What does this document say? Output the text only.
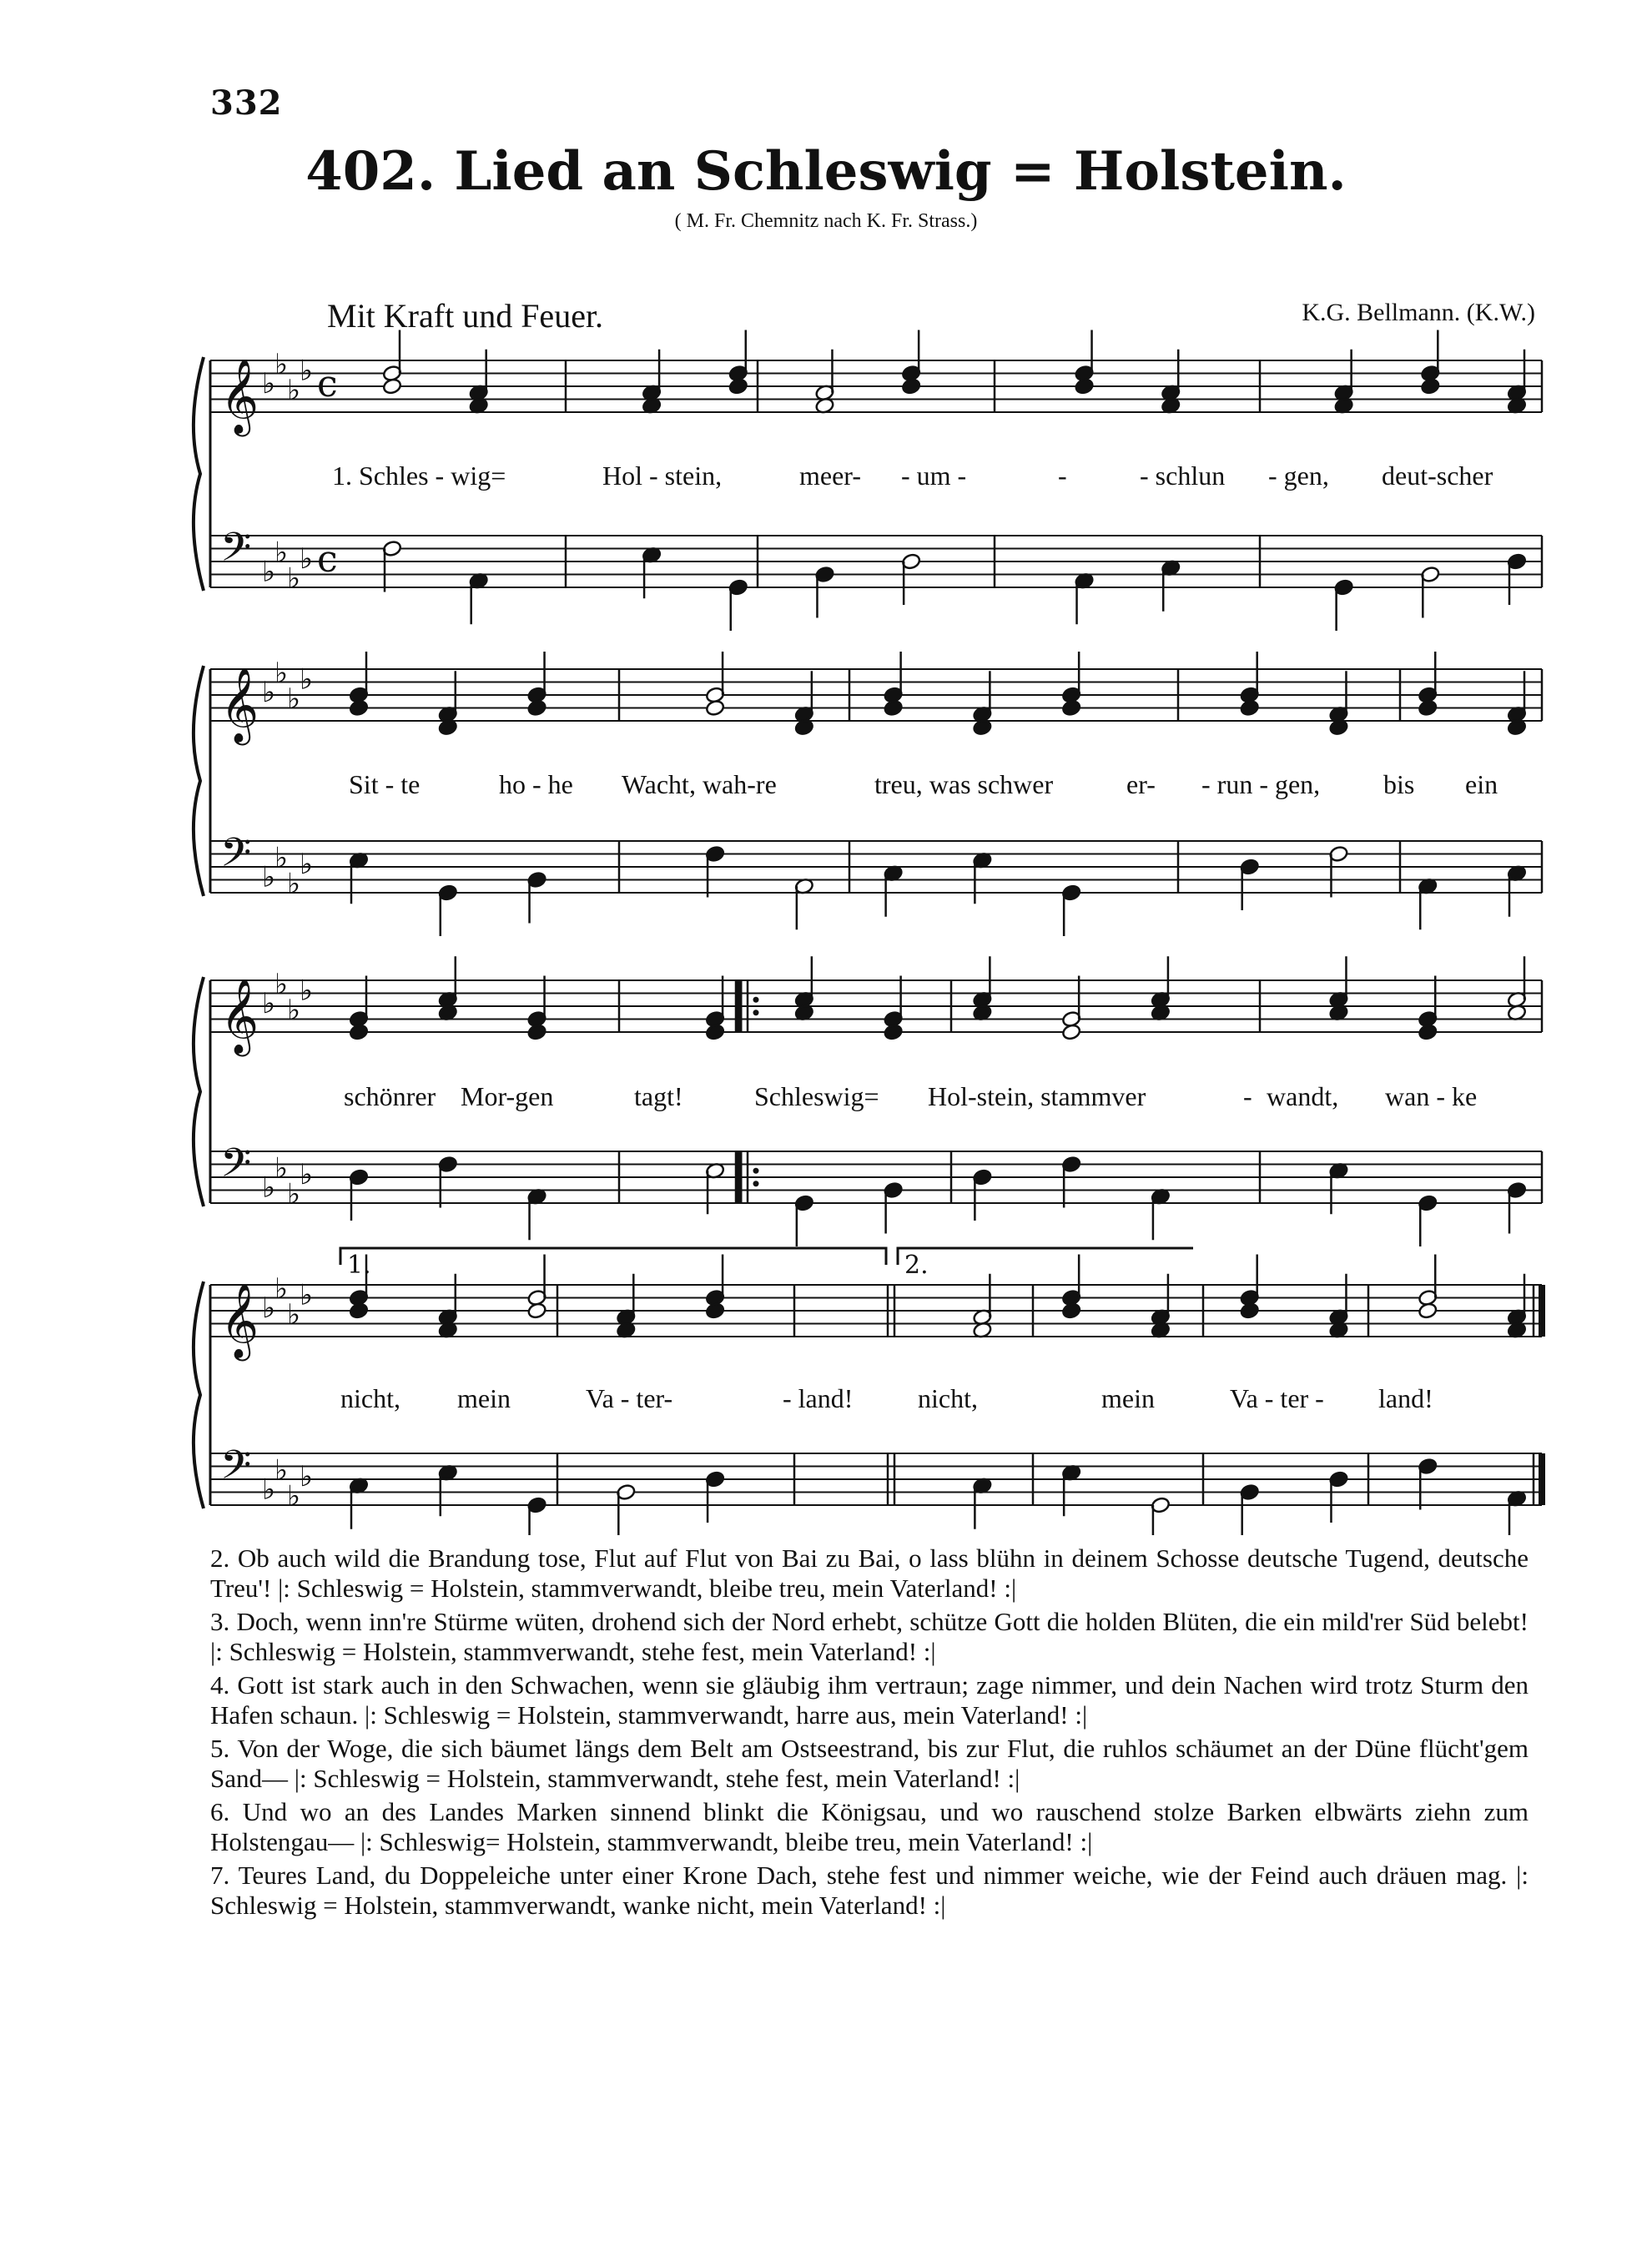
332
402. Lied an Schleswig = Holstein.
( M. Fr. Chemnitz nach K. Fr. Strass.)
Mit Kraft und Feuer.	K.G. Bellmann. (K.W.)
𝄞
𝄢
♭
♭
♭
♭
♭
♭
♭
♭
c
c
𝄞
𝄢
♭
♭
♭
♭
♭
♭
♭
♭
𝄞
𝄢
♭
♭
♭
♭
♭
♭
♭
♭
𝄞
𝄢
♭
♭
♭
♭
♭
♭
♭
♭
1.	2.
1. Schles - wig=	Hol - stein,	meer- - um -	-	- schlun - gen, deut-scher
Sit - te	ho - he Wacht, wah-re	treu, was schwer	er- - run - gen, bis ein
schönrer Mor-gen	tagt!	Schleswig= Hol-stein, stammver	- wandt, wan - ke
nicht, mein	Va - ter-	- land! nicht,	mein	Va - ter - land!

2. Ob auch wild die Brandung tose, Flut auf Flut von Bai zu Bai, o lass blühn in deinem Schosse deutsche Tugend, deutsche Treu'! |: Schleswig = Holstein, stammverwandt, bleibe treu, mein Vaterland! :|

3. Doch, wenn inn're Stürme wüten, drohend sich der Nord erhebt, schütze Gott die holden Blüten, die ein mild'rer Süd belebt! |: Schleswig = Holstein, stammverwandt, stehe fest, mein Vaterland! :|

4. Gott ist stark auch in den Schwachen, wenn sie gläubig ihm vertraun; zage nimmer, und dein Nachen wird trotz Sturm den Hafen schaun. |: Schleswig = Holstein, stammverwandt, harre aus, mein Vaterland! :|

5. Von der Woge, die sich bäumet längs dem Belt am Ostseestrand, bis zur Flut, die ruhlos schäumet an der Düne flücht'gem Sand— |: Schleswig = Holstein, stammverwandt, stehe fest, mein Vaterland! :|

6. Und wo an des Landes Marken sinnend blinkt die Königsau, und wo rauschend stolze Barken elbwärts ziehn zum Holstengau— |: Schleswig= Holstein, stammverwandt, bleibe treu, mein Vaterland! :|

7. Teures Land, du Doppeleiche unter einer Krone Dach, stehe fest und nimmer weiche, wie der Feind auch dräuen mag. |: Schleswig = Holstein, stammverwandt, wanke nicht, mein Vaterland! :|
